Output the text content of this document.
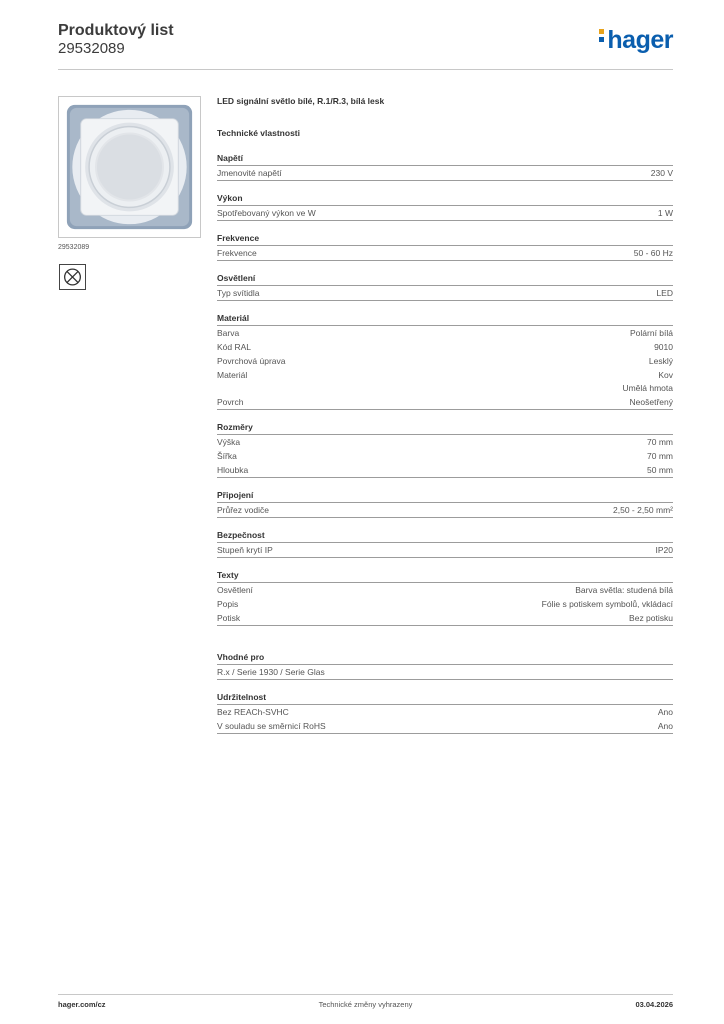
Produktový list
29532089	hager
29532089
LED signální světlo bílé, R.1/R.3, bílá lesk
Technické vlastnosti
Napětí
Jmenovité napětí	230 V
Výkon
Spotřebovaný výkon ve W	1 W
Frekvence
Frekvence	50 - 60 Hz
Osvětlení
Typ svítidla	LED
Materiál
Barva	Polární bílá
Kód RAL	9010
Povrchová úprava	Lesklý
Materiál	Kov
Umělá hmota
Povrch	Neošetřený
Rozměry
Výška	70 mm
Šířka	70 mm
Hloubka	50 mm
Připojení
Průřez vodiče	2,50 - 2,50 mm²
Bezpečnost
Stupeň krytí IP	IP20
Texty
Osvětlení	Barva světla: studená bílá
Popis	Fólie s potiskem symbolů, vkládací
Potisk	Bez potisku
Vhodné pro
R.x / Serie 1930 / Serie Glas
Udržitelnost
Bez REACh-SVHC	Ano
V souladu se směrnicí RoHS	Ano
hager.com/cz	Technické změny vyhrazeny	03.04.2026
